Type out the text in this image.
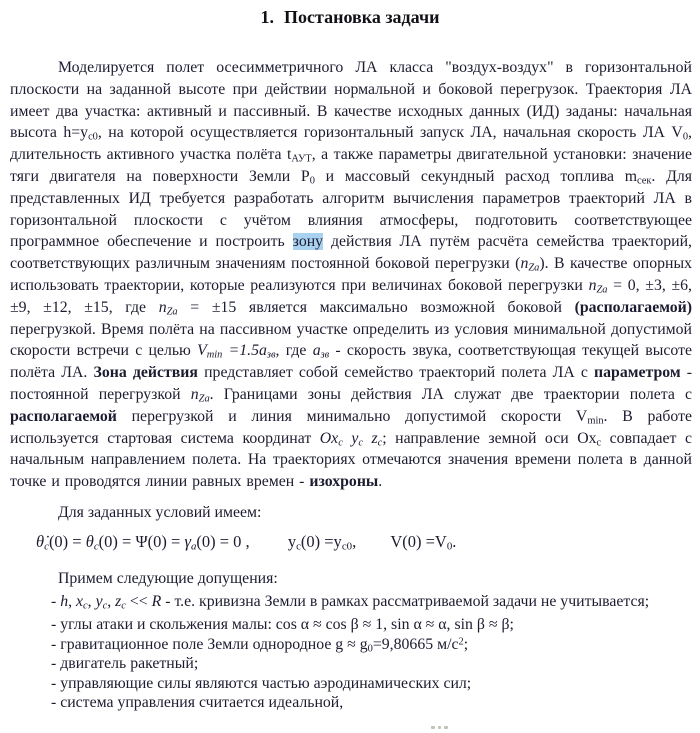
1. Постановка задачи

Моделируется полет осесимметричного ЛА класса "воздух-воздух" в горизонтальной плоскости на заданной высоте при действии нормальной и боковой перегрузок. Траектория ЛА имеет два участка: активный и пассивный. В качестве исходных данных (ИД) заданы: начальная высота $h=y_{c0}$, на которой осуществляется горизонтальный запуск ЛА, начальная скорость ЛА $V_0$, длительность активного участка полёта $t_{АУТ}$, а также параметры двигательной установки: значение тяги двигателя на поверхности Земли $P_0$ и массовый секундный расход топлива $m_{сек}$. Для представленных ИД требуется разработать алгоритм вычисления параметров траекторий ЛА в горизонтальной плоскости с учётом влияния атмосферы, подготовить соответствующее программное обеспечение и построить зону действия ЛА путём расчёта семейства траекторий, соответствующих различным значениям постоянной боковой перегрузки $(n_{Za})$. В качестве опорных использовать траектории, которые реализуются при величинах боковой перегрузки $n_{Za} = 0$, ±3, ±6, ±9, ±12, ±15, где $n_{Za} = \pm 15$ является максимально возможной боковой (располагаемой) перегрузкой. Время полёта на пассивном участке определить из условия минимальной допустимой скорости встречи с целью $V_{min} =1.5a_{зв}$, где $a_{зв}$ - скорость звука, соответствующая текущей высоте полёта ЛА. Зона действия представляет собой семейство траекторий полета ЛА с параметром - постоянной перегрузкой $n_{Za}$. Границами зоны действия ЛА служат две траектории полета с располагаемой перегрузкой и линия минимально допустимой скорости $V_{min}$. В работе используется стартовая система координат $Ox_c$ $y_c$ $z_c$; направление земной оси $Ox_c$ совпадает с начальным направлением полета. На траекториях отмечаются значения времени полета в данной точке и проводятся линии равных времен - изохроны.

Для заданных условий имеем:

$\thetȧ_c(0) = \theta_c(0) = \Psi(0) = \gamma_a(0) = 0$ , $y_c(0) =y_{c0}$, $V(0) =V_0$.

Примем следующие допущения:

- h, $x_c$, $y_c$, $z_c << R - т.е$. кривизна Земли в рамках рассматриваемой задачи не учитывается;
- углы атаки и скольжения малы: cos α ≈ cos β ≈ 1, sin α ≈ α, sin β ≈ β;
- гравитационное поле Земли однородное $g \approx g_0=9,80665$ $м/с^2$;
- двигатель ракетный;
- управляющие силы являются частью аэродинамических сил;
- система управления считается идеальной,
